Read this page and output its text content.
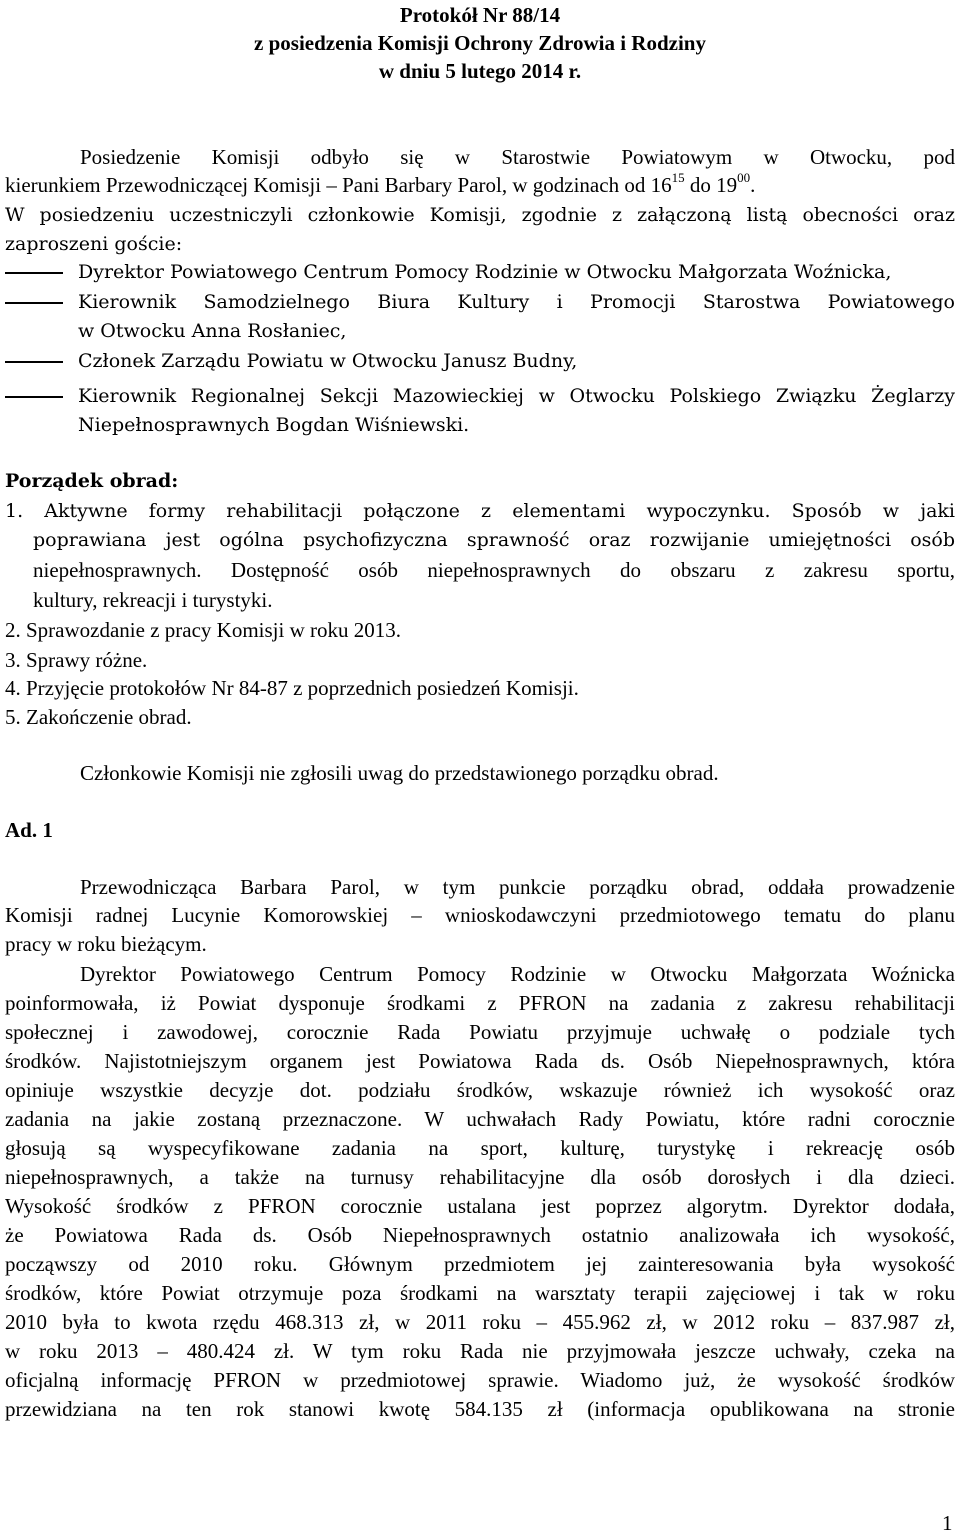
Protokół Nr 88/14
z posiedzenia Komisji Ochrony Zdrowia i Rodziny
w dniu 5 lutego 2014 r.
Posiedzenie Komisji odbyło się w Starostwie Powiatowym w Otwocku, pod
kierunkiem Przewodniczącej Komisji – Pani Barbary Parol, w godzinach od $16^{15}$ do $19^{00}$.
W posiedzeniu uczestniczyli członkowie Komisji, zgodnie z załączoną listą obecności oraz
zaproszeni goście:
Dyrektor Powiatowego Centrum Pomocy Rodzinie w Otwocku Małgorzata Woźnicka,
Kierownik Samodzielnego Biura Kultury i Promocji Starostwa Powiatowego
w Otwocku Anna Rosłaniec,
Członek Zarządu Powiatu w Otwocku Janusz Budny,
Kierownik Regionalnej Sekcji Mazowieckiej w Otwocku Polskiego Związku Żeglarzy
Niepełnosprawnych Bogdan Wiśniewski.
Porządek obrad:
1. Aktywne formy rehabilitacji połączone z elementami wypoczynku. Sposób w jaki
poprawiana jest ogólna psychofizyczna sprawność oraz rozwijanie umiejętności osób
niepełnosprawnych. Dostępność osób niepełnosprawnych do obszaru z zakresu sportu,
kultury, rekreacji i turystyki.
2. Sprawozdanie z pracy Komisji w roku 2013.
3. Sprawy różne.
4. Przyjęcie protokołów Nr 84-87 z poprzednich posiedzeń Komisji.
5. Zakończenie obrad.
Członkowie Komisji nie zgłosili uwag do przedstawionego porządku obrad.
Ad. 1
Przewodnicząca Barbara Parol, w tym punkcie porządku obrad, oddała prowadzenie
Komisji radnej Lucynie Komorowskiej – wnioskodawczyni przedmiotowego tematu do planu
pracy w roku bieżącym.
Dyrektor Powiatowego Centrum Pomocy Rodzinie w Otwocku Małgorzata Woźnicka
poinformowała, iż Powiat dysponuje środkami z PFRON na zadania z zakresu rehabilitacji
społecznej i zawodowej, corocznie Rada Powiatu przyjmuje uchwałę o podziale tych
środków. Najistotniejszym organem jest Powiatowa Rada ds. Osób Niepełnosprawnych, która
opiniuje wszystkie decyzje dot. podziału środków, wskazuje również ich wysokość oraz
zadania na jakie zostaną przeznaczone. W uchwałach Rady Powiatu, które radni corocznie
głosują są wyspecyfikowane zadania na sport, kulturę, turystykę i rekreację osób
niepełnosprawnych, a także na turnusy rehabilitacyjne dla osób dorosłych i dla dzieci.
Wysokość środków z PFRON corocznie ustalana jest poprzez algorytm. Dyrektor dodała,
że Powiatowa Rada ds. Osób Niepełnosprawnych ostatnio analizowała ich wysokość,
począwszy od 2010 roku. Głównym przedmiotem jej zainteresowania była wysokość
środków, które Powiat otrzymuje poza środkami na warsztaty terapii zajęciowej i tak w roku
2010 była to kwota rzędu 468.313 zł, w 2011 roku – 455.962 zł, w 2012 roku – 837.987 zł,
w roku 2013 – 480.424 zł. W tym roku Rada nie przyjmowała jeszcze uchwały, czeka na
oficjalną informację PFRON w przedmiotowej sprawie. Wiadomo już, że wysokość środków
przewidziana na ten rok stanowi kwotę 584.135 zł (informacja opublikowana na stronie
1
